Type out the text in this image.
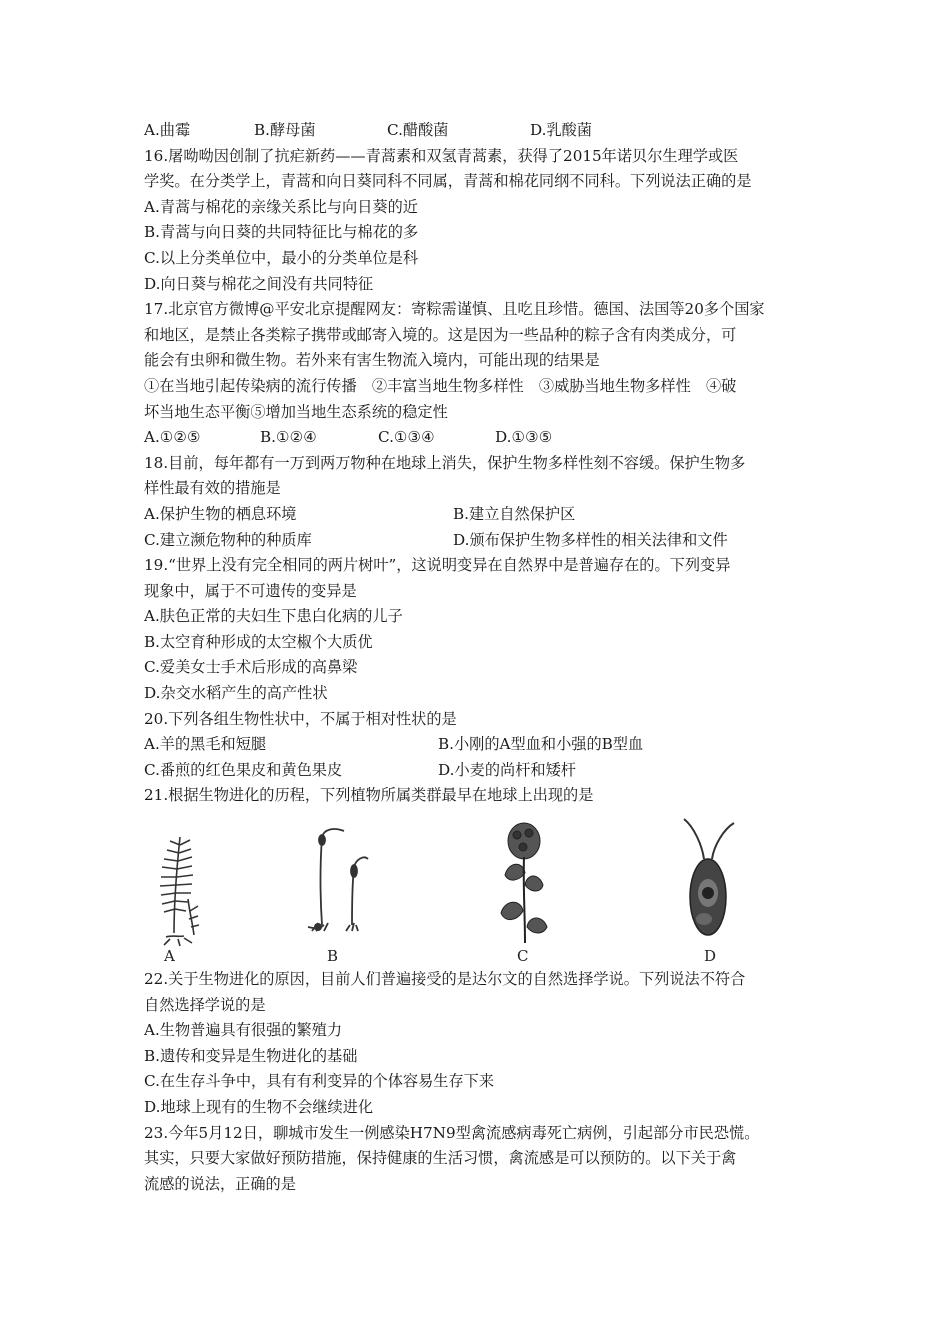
A.曲霉	B.酵母菌	C.醋酸菌	D.乳酸菌
16.屠呦呦因创制了抗疟新药——青蒿素和双氢青蒿素，获得了2015年诺贝尔生理学或医
学奖。在分类学上，青蒿和向日葵同科不同属，青蒿和棉花同纲不同科。下列说法正确的是
A.青蒿与棉花的亲缘关系比与向日葵的近
B.青蒿与向日葵的共同特征比与棉花的多
C.以上分类单位中，最小的分类单位是科
D.向日葵与棉花之间没有共同特征
17.北京官方微博@平安北京提醒网友：寄粽需谨慎、且吃且珍惜。德国、法国等20多个国家
和地区，是禁止各类粽子携带或邮寄入境的。这是因为一些品种的粽子含有肉类成分，可
能会有虫卵和微生物。若外来有害生物流入境内，可能出现的结果是
①在当地引起传染病的流行传播　②丰富当地生物多样性　③威胁当地生物多样性　④破
坏当地生态平衡⑤增加当地生态系统的稳定性
A.①②⑤	B.①②④	C.①③④	D.①③⑤
18.目前，每年都有一万到两万物种在地球上消失，保护生物多样性刻不容缓。保护生物多
样性最有效的措施是
A.保护生物的栖息环境	B.建立自然保护区
C.建立濒危物种的种质库	D.颁布保护生物多样性的相关法律和文件
19.“世界上没有完全相同的两片树叶”，这说明变异在自然界中是普遍存在的。下列变异
现象中，属于不可遗传的变异是
A.肤色正常的夫妇生下患白化病的儿子
B.太空育种形成的太空椒个大质优
C.爱美女士手术后形成的高鼻梁
D.杂交水稻产生的高产性状
20.下列各组生物性状中，不属于相对性状的是
A.羊的黑毛和短腿	B.小刚的A型血和小强的B型血
C.番煎的红色果皮和黄色果皮	D.小麦的尚杆和矮杆
21.根据生物进化的历程，下列植物所属类群最早在地球上出现的是
A	B	C	D
22.关于生物进化的原因，目前人们普遍接受的是达尔文的自然选择学说。下列说法不符合
自然选择学说的是
A.生物普遍具有很强的繁殖力
B.遗传和变异是生物进化的基础
C.在生存斗争中，具有有利变异的个体容易生存下来
D.地球上现有的生物不会继续进化
23.今年5月12日，聊城市发生一例感染H7N9型禽流感病毒死亡病例，引起部分市民恐慌。
其实，只要大家做好预防措施，保持健康的生活习惯，禽流感是可以预防的。以下关于禽
流感的说法，正确的是
